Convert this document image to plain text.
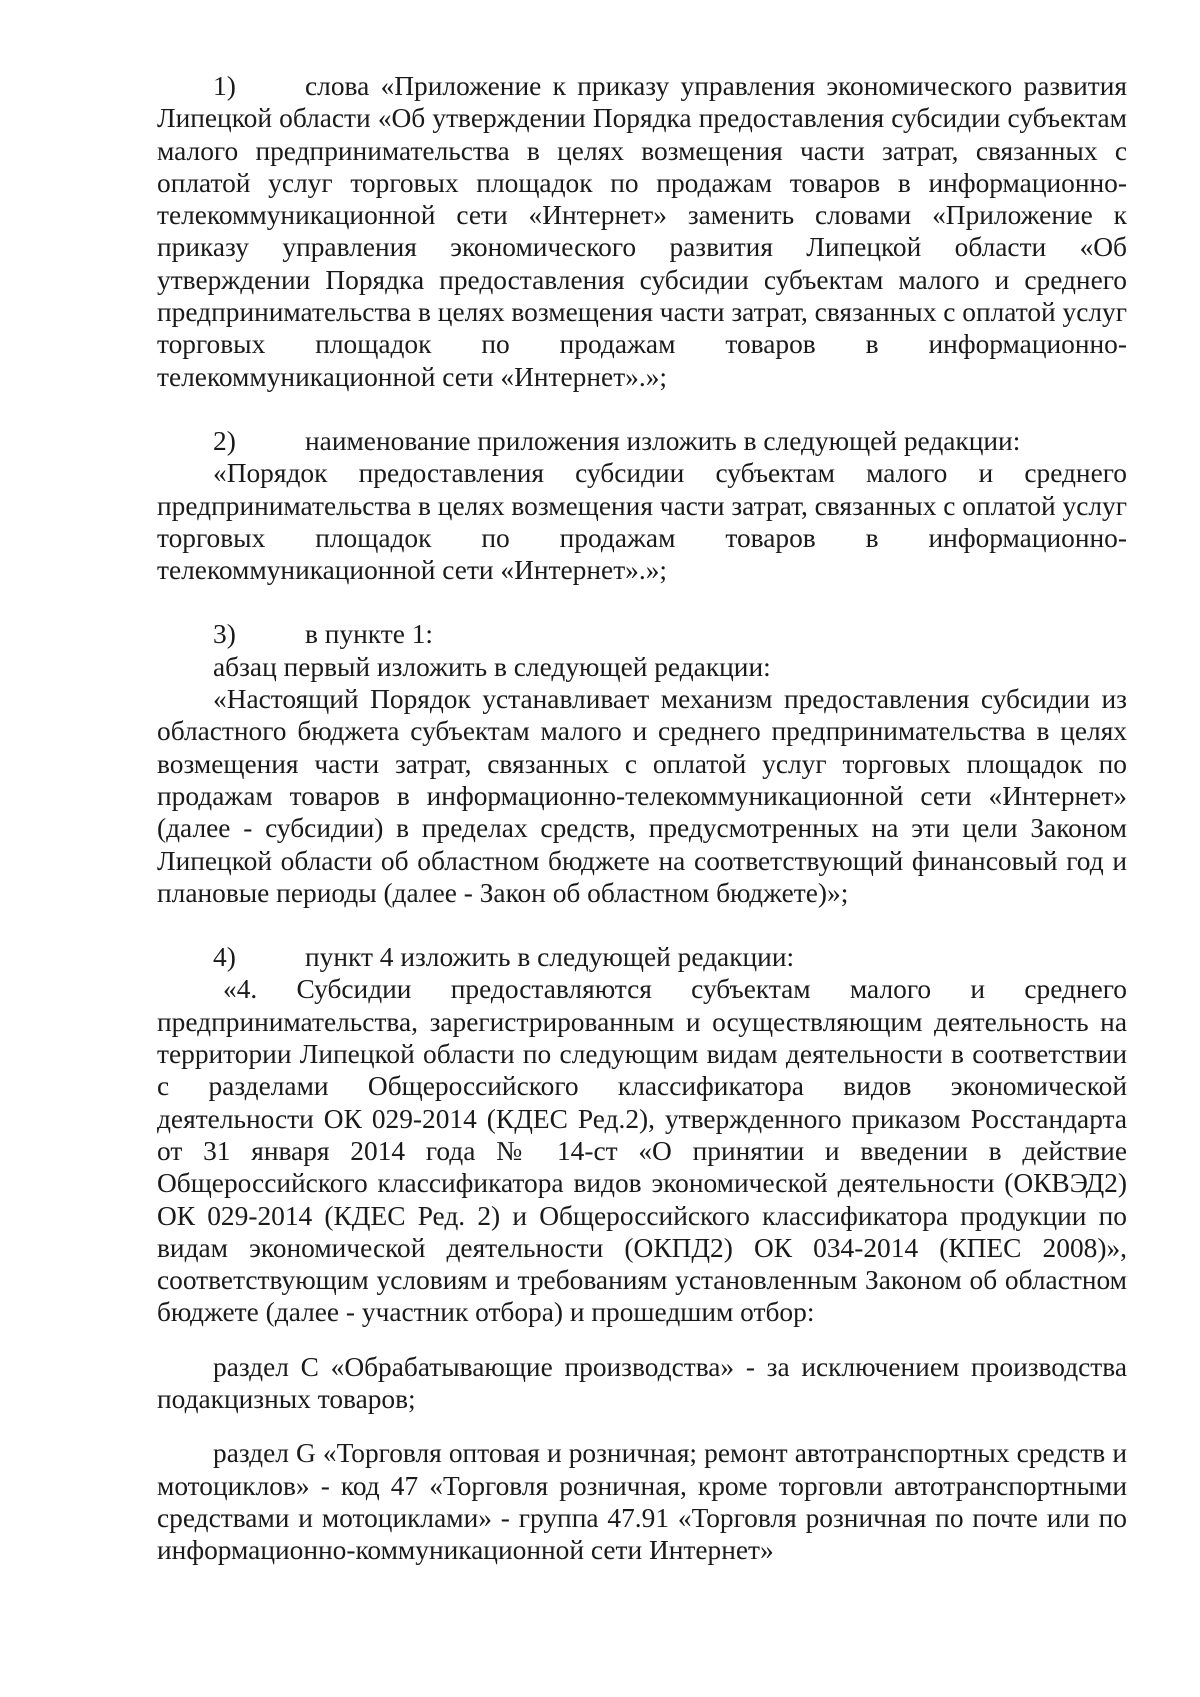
1)	слова «Приложение к приказу управления экономического развития Липецкой области «Об утверждении Порядка предоставления субсидии субъектам малого предпринимательства в целях возмещения части затрат, связанных с оплатой услуг торговых площадок по продажам товаров в информационно-телекоммуникационной сети «Интернет» заменить словами «Приложение к приказу управления экономического развития Липецкой области «Об утверждении Порядка предоставления субсидии субъектам малого и среднего предпринимательства в целях возмещения части затрат, связанных с оплатой услуг торговых площадок по продажам товаров в информационно-телекоммуникационной сети «Интернет».»;

2)	наименование приложения изложить в следующей редакции:

«Порядок предоставления субсидии субъектам малого и среднего предпринимательства в целях возмещения части затрат, связанных с оплатой услуг торговых площадок по продажам товаров в информационно-телекоммуникационной сети «Интернет».»;

3)	в пункте 1:

абзац первый изложить в следующей редакции:

«Настоящий Порядок устанавливает механизм предоставления субсидии из областного бюджета субъектам малого и среднего предпринимательства в целях возмещения части затрат, связанных с оплатой услуг торговых площадок по продажам товаров в информационно-телекоммуникационной сети «Интернет» (далее - субсидии) в пределах средств, предусмотренных на эти цели Законом Липецкой области об областном бюджете на соответствующий финансовый год и плановые периоды (далее - Закон об областном бюджете)»;

4)	пункт 4 изложить в следующей редакции:

«4. Субсидии предоставляются субъектам малого и среднего предпринимательства, зарегистрированным и осуществляющим деятельность на территории Липецкой области по следующим видам деятельности в соответствии с разделами Общероссийского классификатора видов экономической деятельности ОК 029-2014 (КДЕС Ред.2), утвержденного приказом Росстандарта от 31 января 2014 года № 14-ст «О принятии и введении в действие Общероссийского классификатора видов экономической деятельности (ОКВЭД2) ОК 029-2014 (КДЕС Ред. 2) и Общероссийского классификатора продукции по видам экономической деятельности (ОКПД2) ОК 034-2014 (КПЕС 2008)», соответствующим условиям и требованиям установленным Законом об областном бюджете (далее - участник отбора) и прошедшим отбор:

раздел C «Обрабатывающие производства» - за исключением производства подакцизных товаров;

раздел G «Торговля оптовая и розничная; ремонт автотранспортных средств и мотоциклов» - код 47 «Торговля розничная, кроме торговли автотранспортными средствами и мотоциклами» - группа 47.91 «Торговля розничная по почте или по информационно-коммуникационной сети Интернет»
